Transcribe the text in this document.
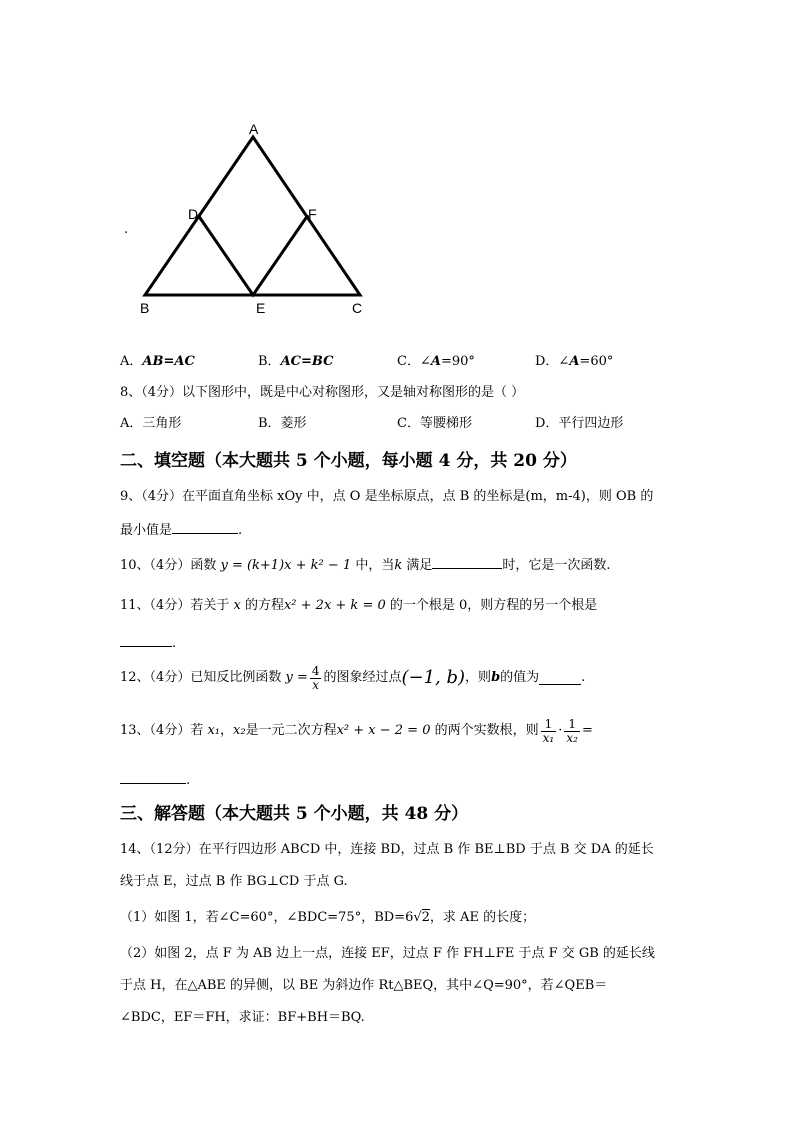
A
D	F
B	E	C
.
A．AB=AC	B．AC=BC	C．∠A=90°	D．∠A=60°
8、（4分）以下图形中，既是中心对称图形，又是轴对称图形的是（ ）
A．三角形	B．菱形	C．等腰梯形	D．平行四边形
二、填空题（本大题共 5 个小题，每小题 4 分，共 20 分）
9、（4分）在平面直角坐标 xOy 中，点 O 是坐标原点，点 B 的坐标是(m，m-4)，则 OB 的
最小值是	.
10、（4分）函数 y = (k+1)x + k² − 1 中，当k 满足	时，它是一次函数.
11、（4分）若关于 x 的方程x² + 2x + k = 0 的一个根是 0，则方程的另一个根是
.
12、（4分）已知反比例函数
$y = \frac{4}{x}$ 的图象经过点 (−1, b) ，则 b 的值为	.
13、（4分）若
x₁ ， x₂ 是一元二次方程 x² + x − 2 = 0
的两个实数根，则 $\frac{1}{\text{x₁}} \cdot \frac{1}{\text{x₂}}$ =
.
三、解答题（本大题共 5 个小题，共 48 分）
14、（12分）在平行四边形 ABCD 中，连接 BD，过点 B 作 BE⊥BD 于点 B 交 DA 的延长
线于点 E，过点 B 作 BG⊥CD 于点 G.
（1）如图 1，若∠C=60°，∠BDC=75°，BD=6√2，求 AE 的长度；
（2）如图 2，点 F 为 AB 边上一点，连接 EF，过点 F 作 FH⊥FE 于点 F 交 GB 的延长线
于点 H，在△ABE 的异侧，以 BE 为斜边作 Rt△BEQ，其中∠Q=90°，若∠QEB＝
∠BDC，EF＝FH，求证：BF+BH＝BQ.
